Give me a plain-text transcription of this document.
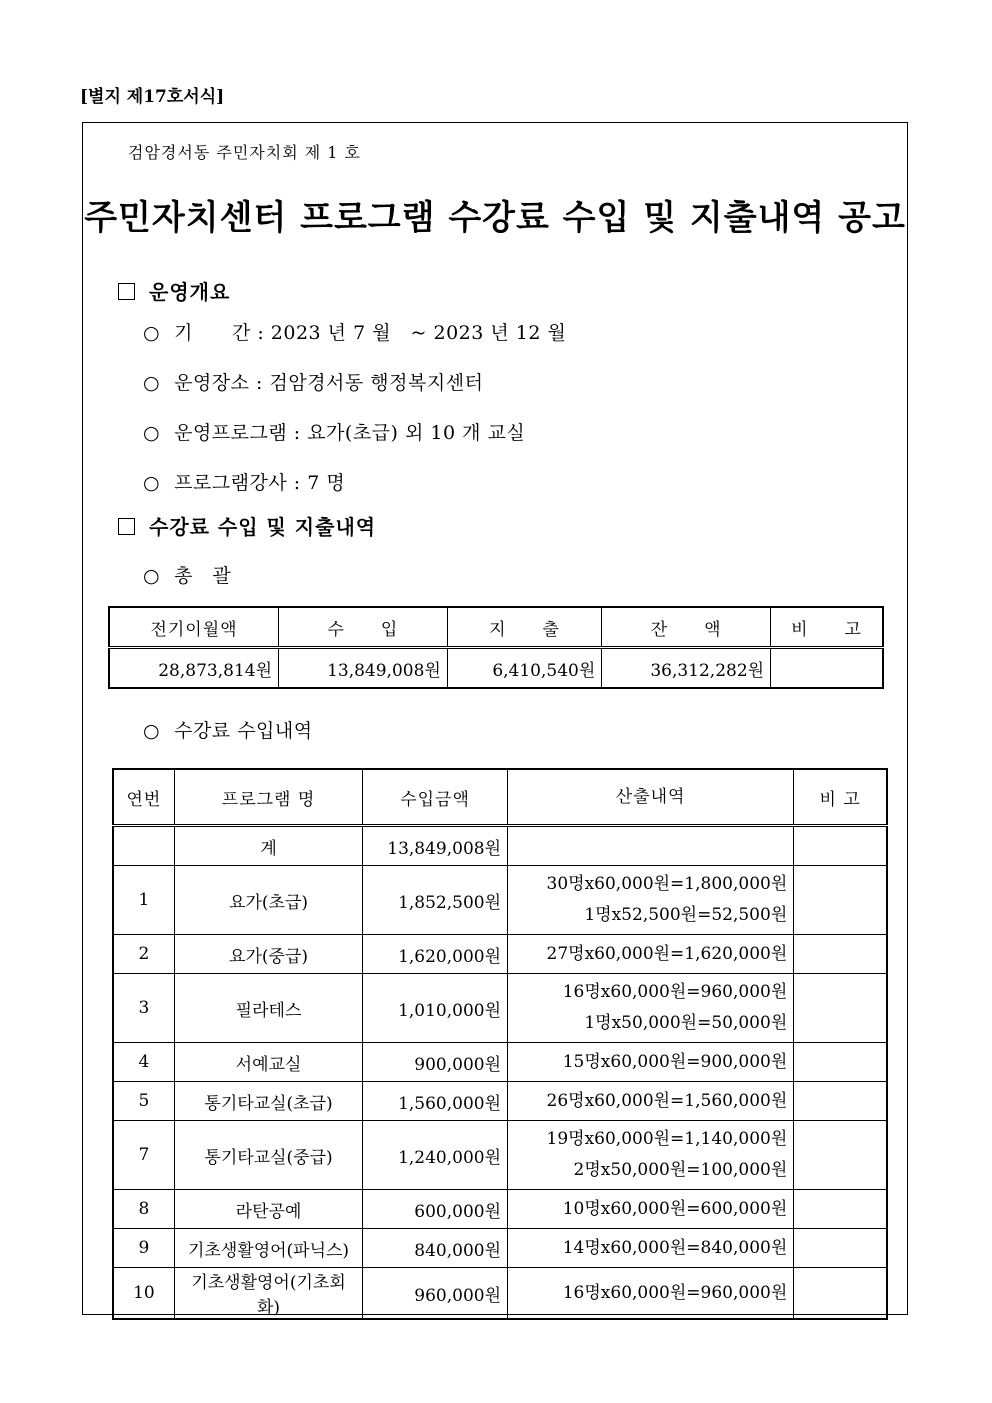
[별지 제17호서식]
검암경서동 주민자치회 제 1 호
주민자치센터 프로그램 수강료 수입 및 지출내역 공고
운영개요
○ 기　　간 : 2023 년 7 월　~ 2023 년 12 월
○ 운영장소 : 검암경서동 행정복지센터
○ 운영프로그램 : 요가(초급) 외 10 개 교실
○ 프로그램강사 : 7 명
수강료 수입 및 지출내역
○ 총　괄
전기이월액	수　　입	지　　출	잔　　액	비　　고
28,873,814원	13,849,008원	6,410,540원	36,312,282원	
○ 수강료 수입내역
연번	프로그램 명	수입금액	산출내역	비 고
	계	13,849,008원		
1	요가(초급)	1,852,500원	30명x60,000원=1,800,000원
1명x52,500원=52,500원	

2	요가(중급)	1,620,000원	27명x60,000원=1,620,000원	

3	필라테스	1,010,000원	16명x60,000원=960,000원
1명x50,000원=50,000원	

4	서예교실	900,000원	15명x60,000원=900,000원	

5	통기타교실(초급)	1,560,000원	26명x60,000원=1,560,000원	

7	통기타교실(중급)	1,240,000원	19명x60,000원=1,140,000원
2명x50,000원=100,000원	

8	라탄공예	600,000원	10명x60,000원=600,000원	

9	기초생활영어(파닉스)	840,000원	14명x60,000원=840,000원	

10	기초생활영어(기초회화)	960,000원	16명x60,000원=960,000원	
